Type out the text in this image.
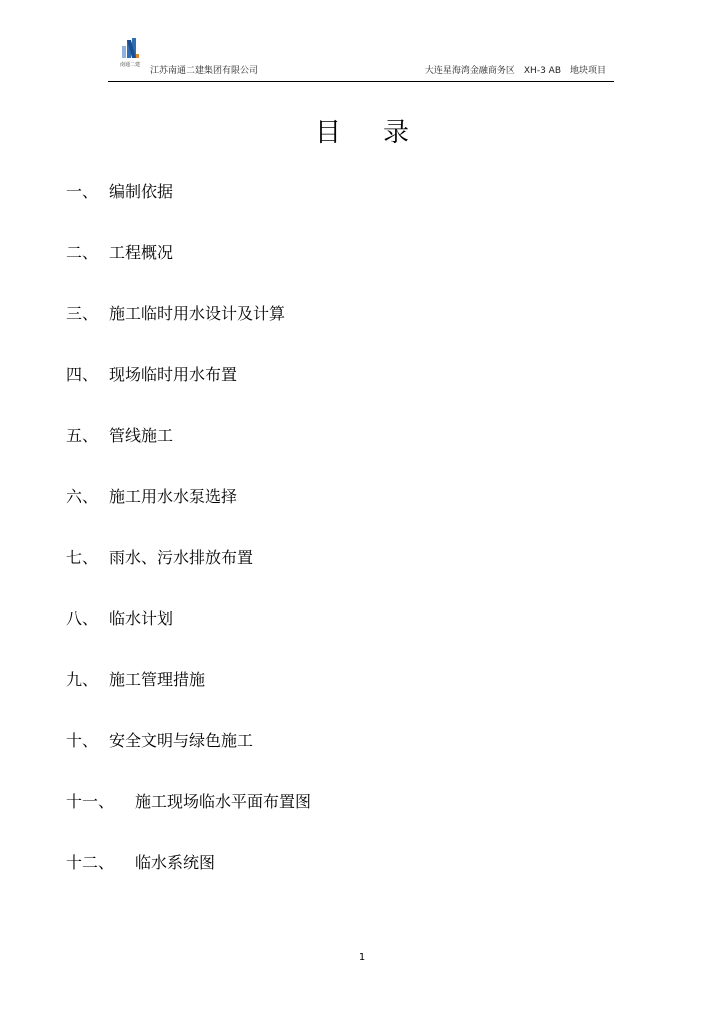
南通二建
江苏南通二建集团有限公司	大连星海湾金融商务区　XH-3 AB　地块项目
目录
一、 编制依据
二、 工程概况
三、 施工临时用水设计及计算
四、 现场临时用水布置
五、 管线施工
六、 施工用水水泵选择
七、 雨水、污水排放布置
八、 临水计划
九、 施工管理措施
十、 安全文明与绿色施工
十一、 施工现场临水平面布置图
十二、 临水系统图
1
